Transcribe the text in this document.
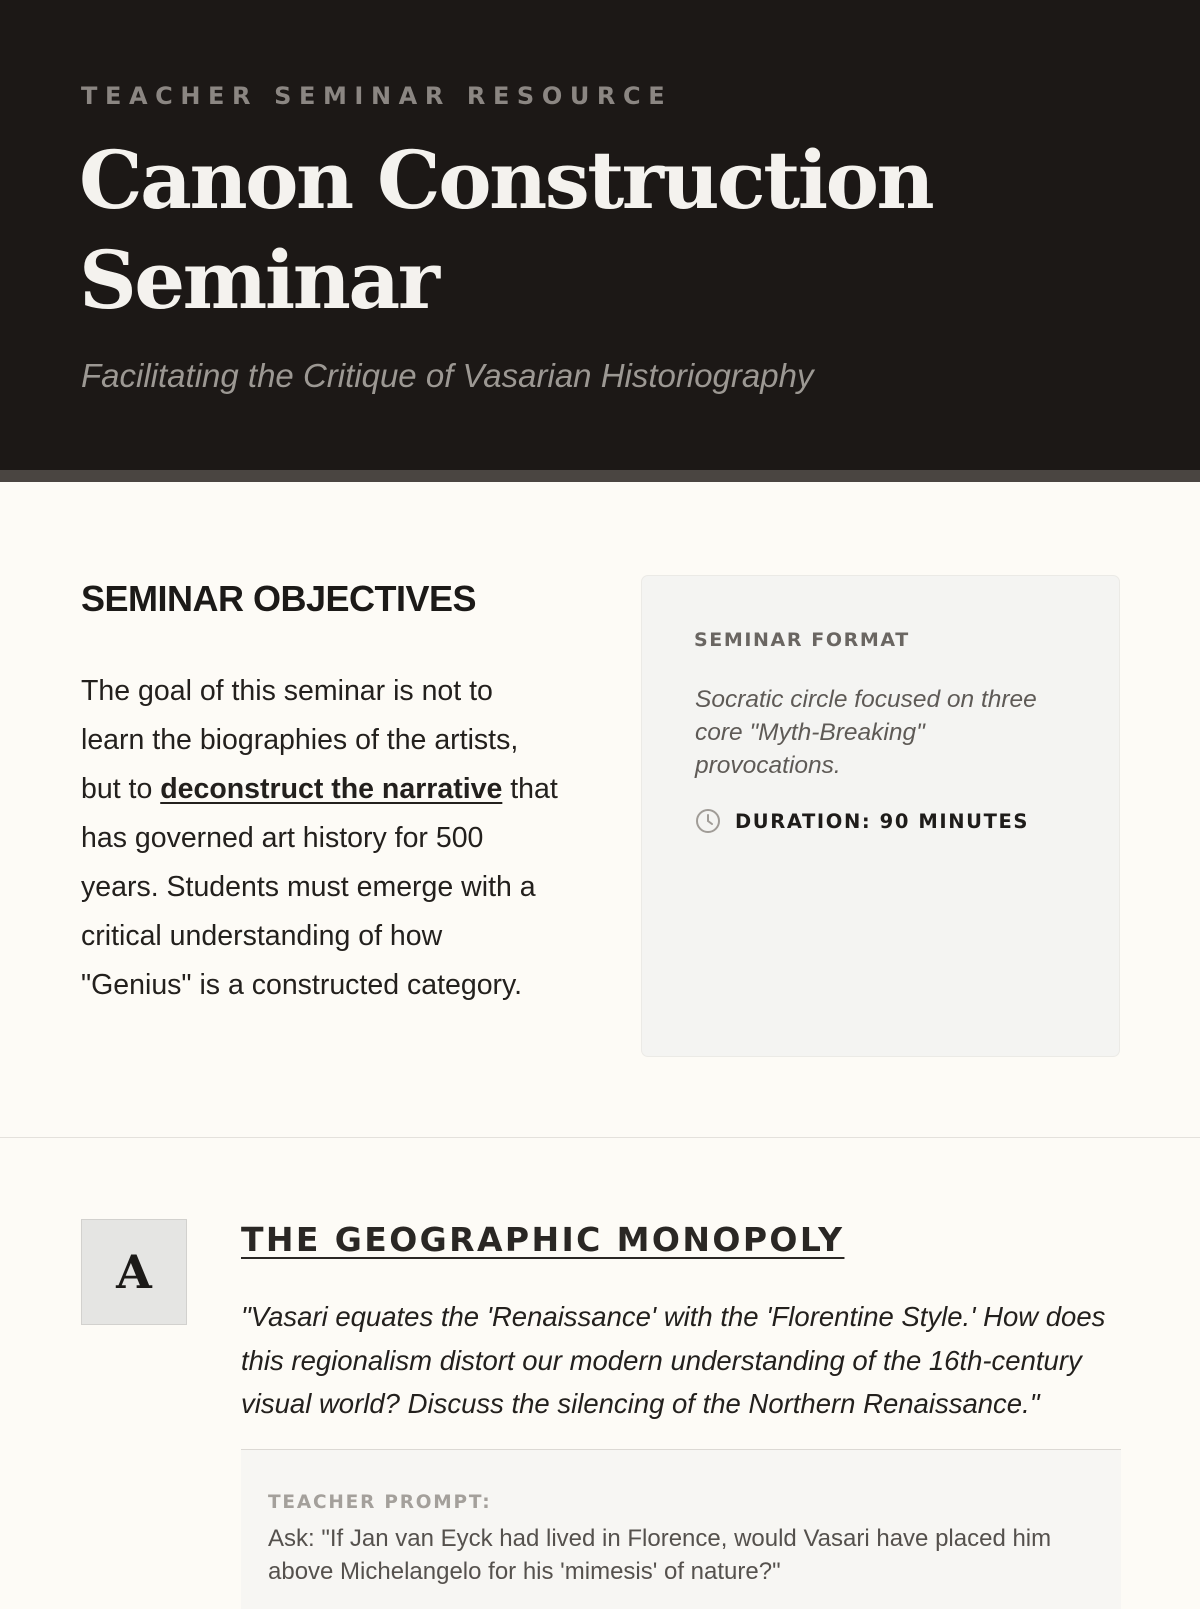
TEACHER SEMINAR RESOURCE
Canon Construction Seminar
Facilitating the Critique of Vasarian Historiography
SEMINAR OBJECTIVES

The goal of this seminar is not to learn the biographies of the artists, but to deconstruct the narrative that has governed art history for 500 years. Students must emerge with a critical understanding of how "Genius" is a constructed category.

SEMINAR FORMAT
Socratic circle focused on three core "Myth-Breaking" provocations.
DURATION: 90 MINUTES
A
THE GEOGRAPHIC MONOPOLY

"Vasari equates the 'Renaissance' with the 'Florentine Style.' How does this regionalism distort our modern understanding of the 16th-century visual world? Discuss the silencing of the Northern Renaissance."

TEACHER PROMPT:
Ask: "If Jan van Eyck had lived in Florence, would Vasari have placed him above Michelangelo for his 'mimesis' of nature?"
